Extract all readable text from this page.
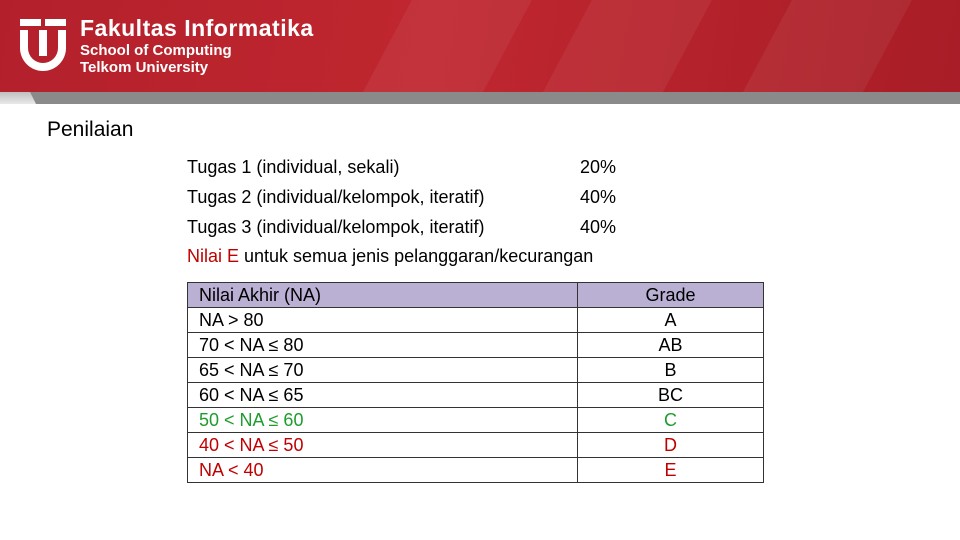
Fakultas Informatika
School of Computing
Telkom University
Penilaian
Tugas 1 (individual, sekali)	20%
Tugas 2 (individual/kelompok, iteratif)	40%
Tugas 3 (individual/kelompok, iteratif)	40%
Nilai E untuk semua jenis pelanggaran/kecurangan
Nilai Akhir (NA)	Grade
NA > 80	A
70 < NA ≤ 80	AB
65 < NA ≤ 70	B
60 < NA ≤ 65	BC
50 < NA ≤ 60	C
40 < NA ≤ 50	D
NA < 40	E
